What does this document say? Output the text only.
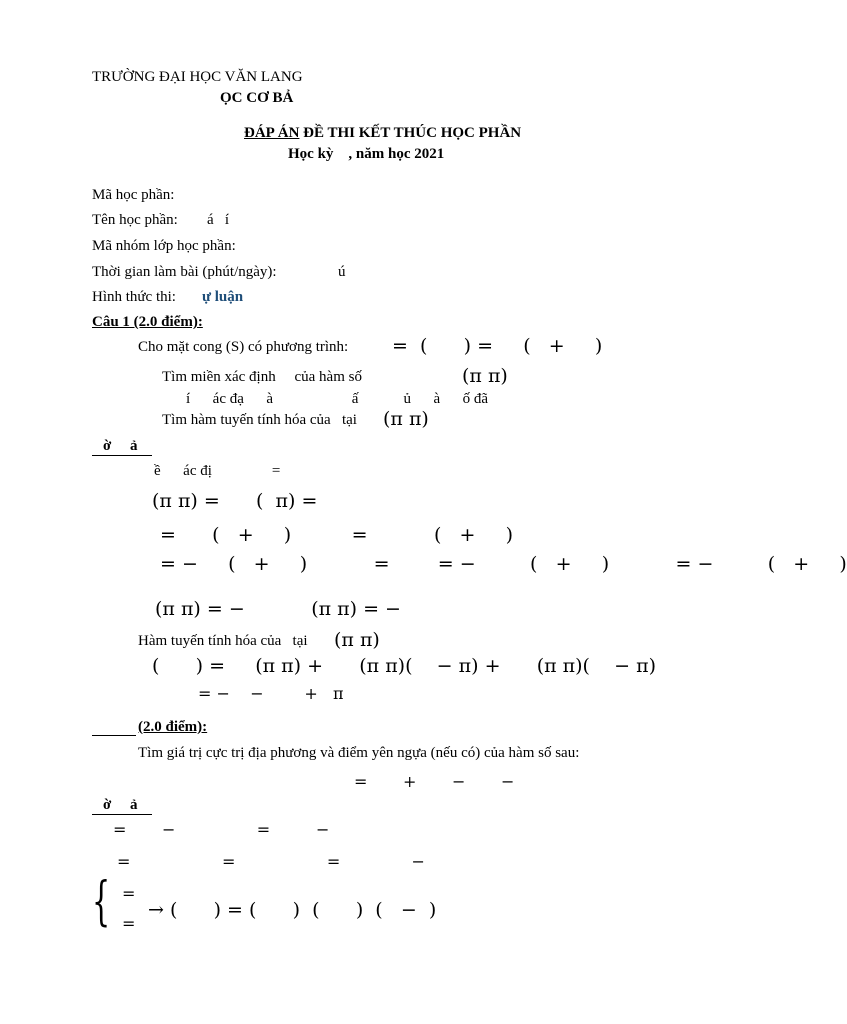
TRƯỜNG ĐẠI HỌC VĂN LANG
ỌC CƠ BẢ
ĐÁP ÁN ĐỀ THI KẾT THÚC HỌC PHẦN
Học kỳ    , năm học 2021
Mã học phần:
Tên học phần: á   í
Mã nhóm lớp học phần:
Thời gian làm bài (phút/ngày):	ú
Hình thức thi: ự luận
Câu 1 (2.0 điểm):
Cho mặt cong (S) có phương trình: =  (      ) =     (   +     )
Tìm miền xác định     của hàm số	(π π)
í      ác đạ      à                     ấ            ủ      à      ố đã
Tìm hàm tuyến tính hóa của   tại (π π)
ờ     ả
ề      ác đị                =
(π π) =      (  π) =
=      (   +     )          =           (   +     )
= −     (   +     )           =        = −         (   +     )           = −         (   +     )
(π π) = −           (π π) = −
Hàm tuyến tính hóa của   tại (π π)
(      ) =     (π π) +      (π π)(    − π) +      (π π)(    − π)
= −    −        +   π
(2.0 điểm):
Tìm giá trị cực trị địa phương và điểm yên ngựa (nếu có) của hàm số sau:
=       +       −       −
ờ     ả
=       −                =         −
=                  =                  =              −
{ =
=
→ (      ) = (      )  (      )  (   −  )
